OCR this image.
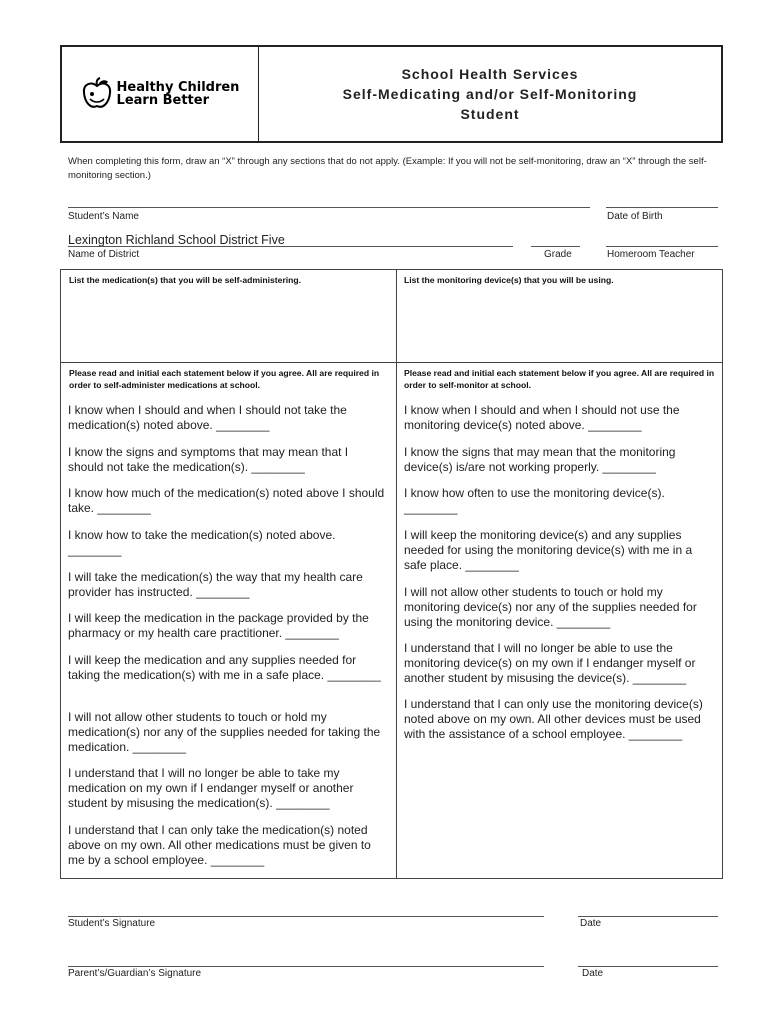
Healthy Children
Learn Better
School Health Services
Self-Medicating and/or Self-Monitoring
Student
When completing this form, draw an “X” through any sections that do not apply. (Example: If you will not be self-monitoring, draw an “X” through the self-monitoring section.)
Student’s Name	Date of Birth
Lexington Richland School District Five
Name of District	Grade	Homeroom Teacher
List the medication(s) that you will be self-administering.	List the monitoring device(s) that you will be using.
Please read and initial each statement below if you agree. All are required in order to self-administer medications at school.
Please read and initial each statement below if you agree. All are required in order to self-monitor at school.
I know when I should and when I should not take the medication(s) noted above. ________
I know the signs and symptoms that may mean that I should not take the medication(s). ________
I know how much of the medication(s) noted above I should take. ________
I know how to take the medication(s) noted above. ________
I will take the medication(s) the way that my health care provider has instructed. ________
I will keep the medication in the package provided by the pharmacy or my health care practitioner. ________
I will keep the medication and any supplies needed for taking the medication(s) with me in a safe place. ________
I will not allow other students to touch or hold my medication(s) nor any of the supplies needed for taking the medication. ________
I understand that I will no longer be able to take my medication on my own if I endanger myself or another student by misusing the medication(s). ________
I understand that I can only take the medication(s) noted above on my own. All other medications must be given to me by a school employee. ________
I know when I should and when I should not use the monitoring device(s) noted above. ________
I know the signs that may mean that the monitoring device(s) is/are not working properly. ________
I know how often to use the monitoring device(s). ________
I will keep the monitoring device(s) and any supplies needed for using the monitoring device(s) with me in a safe place. ________
I will not allow other students to touch or hold my monitoring device(s) nor any of the supplies needed for using the monitoring device. ________
I understand that I will no longer be able to use the monitoring device(s) on my own if I endanger myself or another student by misusing the device(s). ________
I understand that I can only use the monitoring device(s) noted above on my own. All other devices must be used with the assistance of a school employee. ________
Student’s Signature	Date
Parent’s/Guardian’s Signature	Date
